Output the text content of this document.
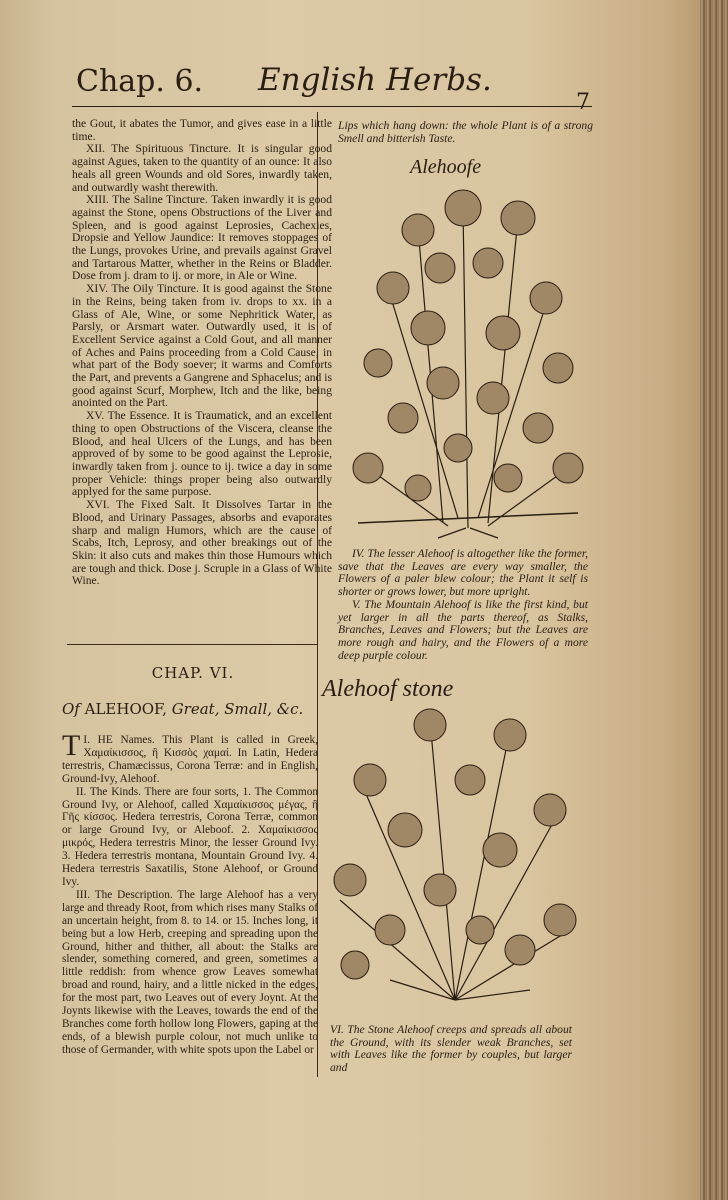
Chap. 6. English Herbs.
7

the Gout, it abates the Tumor, and gives ease in a little time.

XII. The Spirituous Tincture. It is singular good against Agues, taken to the quantity of an ounce: It also heals all green Wounds and old Sores, inwardly taken, and outwardly washt therewith.

XIII. The Saline Tincture. Taken inwardly it is good against the Stone, opens Obstructions of the Liver and Spleen, and is good against Leprosies, Cachexies, Dropsie and Yellow Jaundice: It removes stoppages of the Lungs, provokes Urine, and prevails against Gravel and Tartarous Matter, whether in the Reins or Bladder. Dose from j. dram to ij. or more, in Ale or Wine.

XIV. The Oily Tincture. It is good against the Stone in the Reins, being taken from iv. drops to xx. in a Glass of Ale, Wine, or some Nephritick Water, as Parsly, or Arsmart water. Outwardly used, it is of Excellent Service against a Cold Gout, and all manner of Aches and Pains proceeding from a Cold Cause, in what part of the Body soever; it warms and Comforts the Part, and prevents a Gangrene and Sphacelus; and is good against Scurf, Morphew, Itch and the like, being anointed on the Part.

XV. The Essence. It is Traumatick, and an excellent thing to open Obstructions of the Viscera, cleanse the Blood, and heal Ulcers of the Lungs, and has been approved of by some to be good against the Leprosie, inwardly taken from j. ounce to ij. twice a day in some proper Vehicle: things proper being also outwardly applyed for the same purpose.

XVI. The Fixed Salt. It Dissolves Tartar in the Blood, and Urinary Passages, absorbs and evaporates sharp and malign Humors, which are the cause of Scabs, Itch, Leprosy, and other breakings out of the Skin: it also cuts and makes thin those Humours which are tough and thick. Dose j. Scruple in a Glass of White Wine.

CHAP. VI.
Of ALEHOOF, Great, Small, &c.

T I. HE Names. This Plant is called in Greek, Χαμαίκισσος, ἢ Κισσὸς χαμαί. In Latin, Hedera terrestris, Chamæcissus, Corona Terræ: and in English, Ground-Ivy, Alehoof.

II. The Kinds. There are four sorts, 1. The Common Ground Ivy, or Alehoof, called Χαμαίκισσος μέγας, ἢ Γῆς κίσσος. Hedera terrestris, Corona Terræ, common or large Ground Ivy, or Aleboof. 2. Χαμαίκισσος μικρός, Hedera terrestris Minor, the lesser Ground Ivy. 3. Hedera terrestris montana, Mountain Ground Ivy. 4. Hedera terrestris Saxatilis, Stone Alehoof, or Ground Ivy.

III. The Description. The large Alehoof has a very large and thready Root, from which rises many Stalks of an uncertain height, from 8. to 14. or 15. Inches long, it being but a low Herb, creeping and spreading upon the Ground, hither and thither, all about: the Stalks are slender, something cornered, and green, sometimes a little reddish: from whence grow Leaves somewhat broad and round, hairy, and a little nicked in the edges, for the most part, two Leaves out of every Joynt. At the Joynts likewise with the Leaves, towards the end of the Branches come forth hollow long Flowers, gaping at the ends, of a blewish purple colour, not much unlike to those of Germander, with white spots upon the Label or

Lips which hang down: the whole Plant is of a strong Smell and bitterish Taste.
Alehoofe

IV. The lesser Alehoof is altogether like the former, save that the Leaves are every way smaller, the Flowers of a paler blew colour; the Plant it self is shorter or grows lower, but more upright.

V. The Mountain Alehoof is like the first kind, but yet larger in all the parts thereof, as Stalks, Branches, Leaves and Flowers; but the Leaves are more rough and hairy, and the Flowers of a more deep purple colour.

Alehoof stone
VI. The Stone Alehoof creeps and spreads all about the Ground, with its slender weak Branches, set with Leaves like the former by couples, but larger and
